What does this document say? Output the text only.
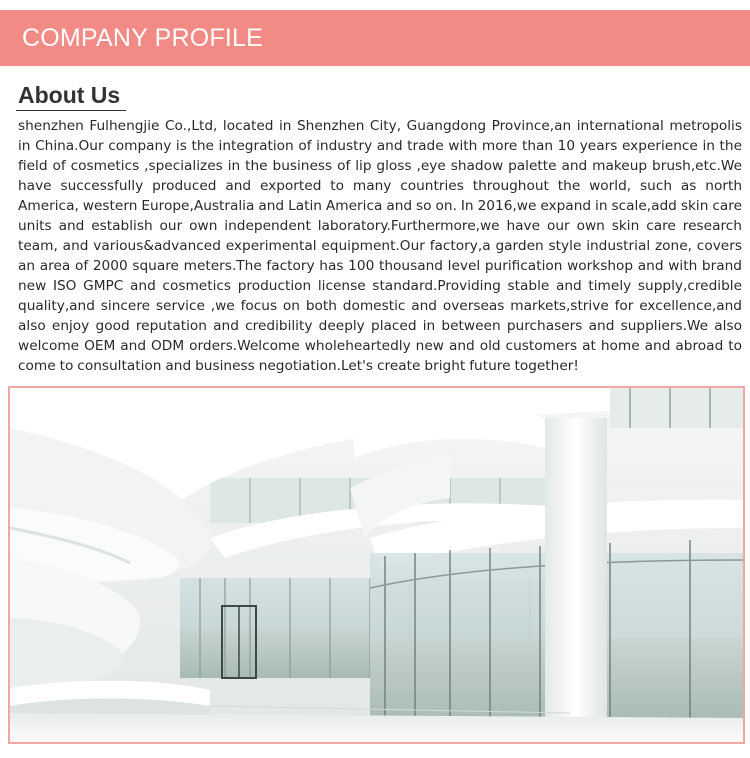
COMPANY PROFILE
About Us

shenzhen Fulhengjie Co.,Ltd, located in Shenzhen City, Guangdong Province,an international metropolis in China.Our company is the integration of industry and trade with more than 10 years experience in the field of cosmetics ,specializes in the business of lip gloss ,eye shadow palette and makeup brush,etc.We have successfully produced and exported to many countries throughout the world, such as north America, western Europe,Australia and Latin America and so on. In 2016,we expand in scale,add skin care units and establish our own independent laboratory.Furthermore,we have our own skin care research team, and various&advanced experimental equipment.Our factory,a garden style industrial zone, covers an area of 2000 square meters.The factory has 100 thousand level purification workshop and with brand new ISO GMPC and cosmetics production license standard.Providing stable and timely supply,credible quality,and sincere service ,we focus on both domestic and overseas markets,strive for excellence,and also enjoy good reputation and credibility deeply placed in between purchasers and suppliers.We also welcome OEM and ODM orders.Welcome wholeheartedly new and old customers at home and abroad to come to consultation and business negotiation.Let's create bright future together!
